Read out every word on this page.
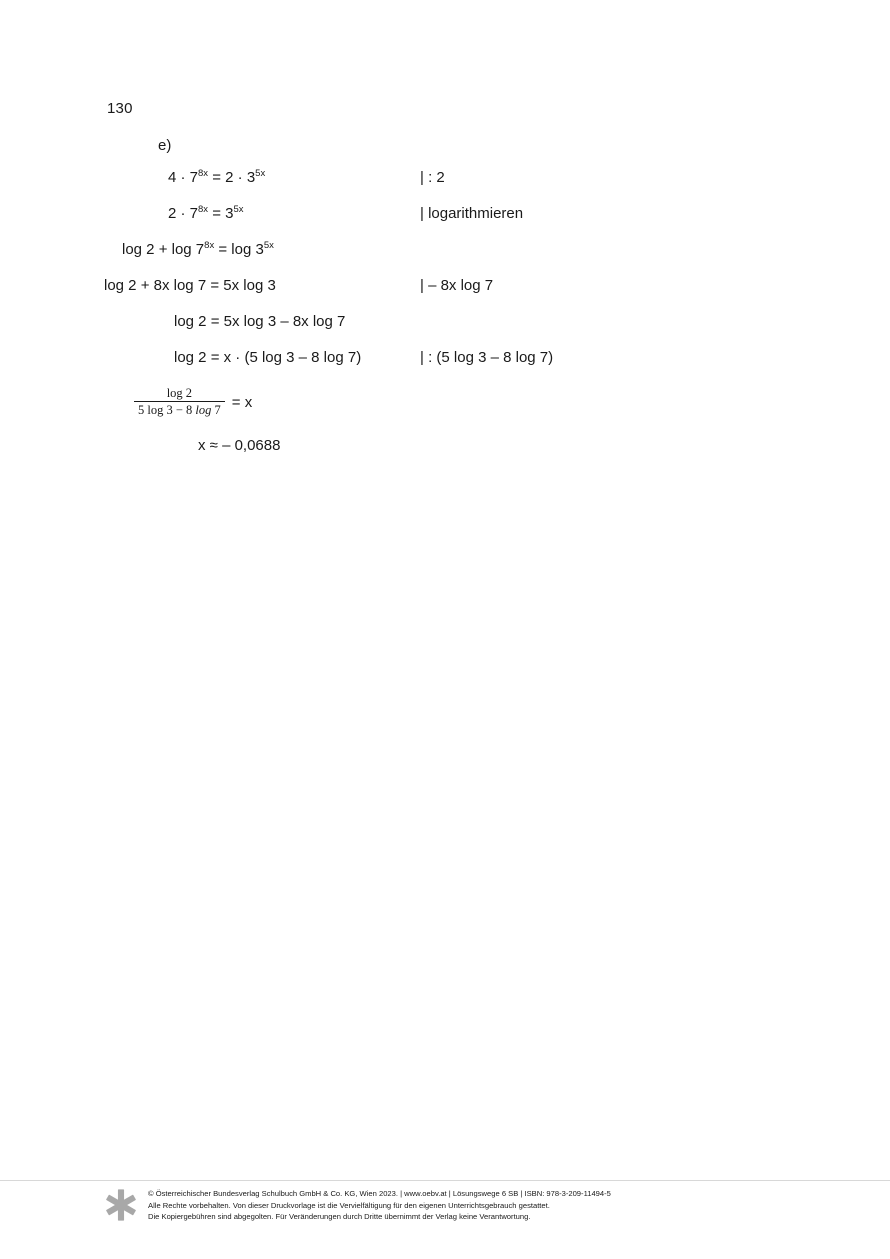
130
e)
$4 \cdot 7^{8x} = 2 \cdot 3^{5x}$	| : 2
$2 \cdot 7^{8x} = 3^{5x}$	| logarithmieren
$\log 2 + \log 7^{8x} = \log 3^{5x}$
log 2 + 8x log 7 = 5x log 3	| – 8x log 7
log 2 = 5x log 3 – 8x log 7
log 2 = x · (5 log 3 – 8 log 7)	| : (5 log 3 – 8 log 7)
$\frac{\log 2}{5 \log 3 - 8 \log 7} = x$
x ≈ – 0,0688
© Österreichischer Bundesverlag Schulbuch GmbH & Co. KG, Wien 2023. | www.oebv.at | Lösungswege 6 SB | ISBN: 978-3-209-11494-5
Alle Rechte vorbehalten. Von dieser Druckvorlage ist die Vervielfältigung für den eigenen Unterrichtsgebrauch gestattet.
Die Kopiergebühren sind abgegolten. Für Veränderungen durch Dritte übernimmt der Verlag keine Verantwortung.
